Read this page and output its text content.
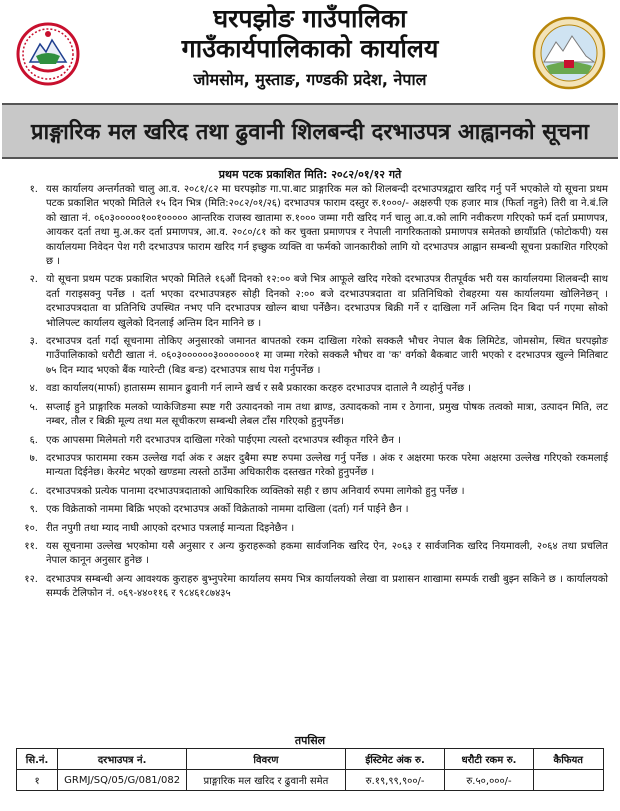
घरपझोङ गाउँपालिका
गाउँकार्यपालिकाको कार्यालय
जोमसोम, मुस्ताङ, गण्डकी प्रदेश, नेपाल
प्राङ्गारिक मल खरिद तथा ढुवानी शिलबन्दी दरभाउपत्र आह्वानको सूचना
प्रथम पटक प्रकाशित मिति: २०८२/०१/१२ गते
१. यस कार्यालय अन्तर्गतको चालु आ.व. २०८१/८२ मा घरपझोङ गा.पा.बाट प्राङ्गारिक मल को शिलबन्दी दरभाउपत्रद्वारा खरिद गर्नु पर्ने भएकोले यो सूचना प्रथम पटक प्रकाशित भएको मितिले १५ दिन भित्र (मिति:२०८२/०१/२६) दरभाउपत्र फाराम दस्तुर रु.१०००/- अक्षरुपी एक हजार मात्र (फिर्ता नहुने) तिरी वा ने.बं.लि को खाता नं. ०६०३०००००१००१००००० आन्तरिक राजस्व खातामा रु.१००० जम्मा गरी खरिद गर्न चालु आ.व.को लागि नवीकरण गरिएको फर्म दर्ता प्रमाणपत्र, आयकर दर्ता तथा मु.अ.कर दर्ता प्रमाणपत्र, आ.व. २०८०/८१ को कर चुक्ता प्रमाणपत्र र नेपाली नागरिकताको प्रमाणपत्र समेतको छायाँप्रति (फोटोकपी) यस कार्यालयमा निवेदन पेश गरी दरभाउपत्र फाराम खरिद गर्न इच्छुक व्यक्ति वा फर्मको जानकारीको लागि यो दरभाउपत्र आह्वान सम्बन्धी सूचना प्रकाशित गरिएको छ ।
२. यो सूचना प्रथम पटक प्रकाशित भएको मितिले १६औं दिनको १२:०० बजे भित्र आफूले खरिद गरेको दरभाउपत्र रीतपूर्वक भरी यस कार्यालयमा शिलबन्दी साथ दर्ता गराइसक्नु पर्नेछ । दर्ता भएका दरभाउपत्रहरु सोही दिनको २:०० बजे दरभाउपत्रदाता वा प्रतिनिधिको रोबहरमा यस कार्यालयमा खोलिनेछन् । दरभाउपत्रदाता वा प्रतिनिधि उपस्थित नभए पनि दरभाउपत्र खोल्न बाधा पर्नेछैन। दरभाउपत्र बिक्री गर्ने र दाखिला गर्ने अन्तिम दिन बिदा पर्न गएमा सोको भोलिपल्ट कार्यालय खुलेको दिनलाई अन्तिम दिन मानिने छ ।
३. दरभाउपत्र दर्ता गर्दा सूचनामा तोकिए अनुसारको जमानत बापतको रकम दाखिला गरेको सक्कलै भौचर नेपाल बैक लिमिटेड, जोमसोम, स्थित घरपझोङ गाउँपालिकाको धरौटी खाता नं. ०६०३००००००३०००००००१ मा जम्मा गरेको सक्कलै भौचर वा 'क' वर्गको बैकबाट जारी भएको र दरभाउपत्र खुल्ने मितिबाट ७५ दिन म्याद भएको बैंक ग्यारेन्टी (बिड बन्ड) दरभाउपत्र साथ पेश गर्नुपर्नेछ ।
४. वडा कार्यालय(मार्फा) हातासम्म सामान ढुवानी गर्न लाग्ने खर्च र सबै प्रकारका करहरु दरभाउपत्र दाताले नै व्यहोर्नु पर्नेछ ।
५. सप्लाई हुने प्राङ्गारिक मलको प्याकेजिङमा स्पष्ट गरी उत्पादनको नाम तथा ब्राण्ड, उत्पादकको नाम र ठेगाना, प्रमुख पोषक तत्वको मात्रा, उत्पादन मिति, लट नम्बर, तौल र बिक्री मूल्य तथा मल सूचीकरण सम्बन्धी लेबल टाँस गरिएको हुनुपर्नेछ।
६. एक आपसमा मिलेमतो गरी दरभाउपत्र दाखिला गरेको पाईएमा त्यस्तो दरभाउपत्र स्वीकृत गरिने छैन ।
७. दरभाउपत्र फाराममा रकम उल्लेख गर्दा अंक र अक्षर दुबैमा स्पष्ट रुपमा उल्लेख गर्नु पर्नेछ । अंक र अक्षरमा फरक परेमा अक्षरमा उल्लेख गरिएको रकमलाई मान्यता दिईनेछ। केरमेट भएको खण्डमा त्यस्तो ठाउँमा अधिकारीक दस्तखत गरेको हुनुपर्नेछ ।
८. दरभाउपत्रको प्रत्येक पानामा दरभाउपत्रदाताको आधिकारिक व्यक्तिको सही र छाप अनिवार्य रुपमा लागेको हुनु पर्नेछ ।
९. एक विक्रेताको नाममा बिक्रि भएको दरभाउपत्र अर्को विक्रेताको नाममा दाखिला (दर्ता) गर्न पाईने छैन ।
१०. रीत नपुगी तथा म्याद नाघी आएको दरभाउ पत्रलाई मान्यता दिइनेछैन ।
११. यस सूचनामा उल्लेख भएकोमा यसै अनुसार र अन्य कुराहरूको हकमा सार्वजनिक खरिद ऐन, २०६३ र सार्वजनिक खरिद नियमावली, २०६४ तथा प्रचलित नेपाल कानून अनुसार हुनेछ ।
१२. दरभाउपत्र सम्बन्धी अन्य आवश्यक कुराहरु बुभ्नुपरेमा कार्यालय समय भित्र कार्यालयको लेखा वा प्रशासन शाखामा सम्पर्क राखी बुझ्न सकिने छ । कार्यालयको सम्पर्क टेलिफोन नं. ०६९-४४०११६ र ९८४६१८७४३५
तपसिल
सि.नं.	दरभाउपत्र नं.	विवरण	ईस्टिमेट अंक रु.	धरौटी रकम रु.	कैफियत
१	GRMJ/SQ/05/G/081/082	प्राङ्गारिक मल खरिद र ढुवानी समेत	रु.१९,९९,९००/-	रु.५०,०००/-	
